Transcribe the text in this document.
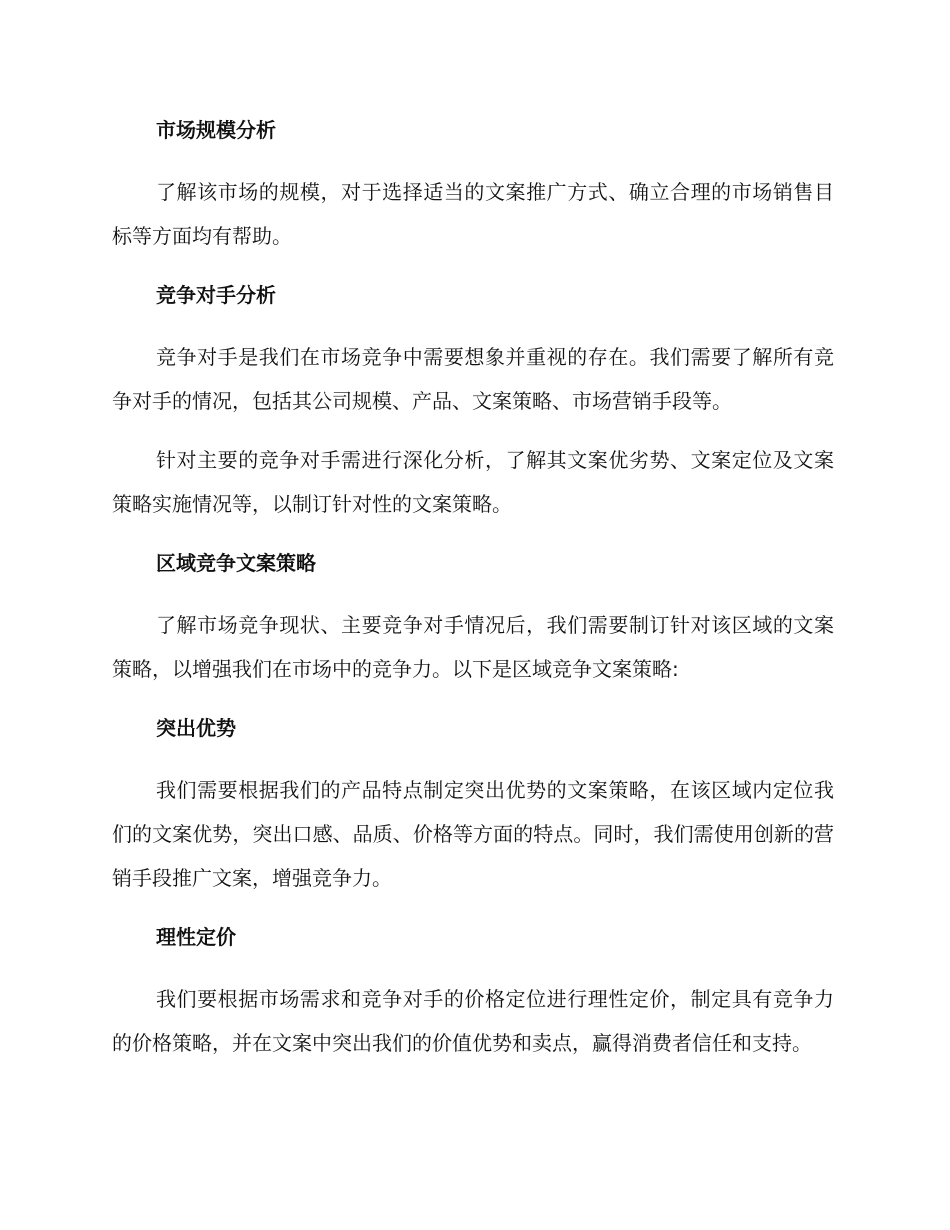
市场规模分析

了解该市场的规模，对于选择适当的文案推广方式、确立合理的市场销售目标等方面均有帮助。

竞争对手分析

竞争对手是我们在市场竞争中需要想象并重视的存在。我们需要了解所有竞争对手的情况，包括其公司规模、产品、文案策略、市场营销手段等。

针对主要的竞争对手需进行深化分析，了解其文案优劣势、文案定位及文案策略实施情况等，以制订针对性的文案策略。

区域竞争文案策略

了解市场竞争现状、主要竞争对手情况后，我们需要制订针对该区域的文案策略，以增强我们在市场中的竞争力。以下是区域竞争文案策略:

突出优势

我们需要根据我们的产品特点制定突出优势的文案策略，在该区域内定位我们的文案优势，突出口感、品质、价格等方面的特点。同时，我们需使用创新的营销手段推广文案，增强竞争力。

理性定价

我们要根据市场需求和竞争对手的价格定位进行理性定价，制定具有竞争力的价格策略，并在文案中突出我们的价值优势和卖点，赢得消费者信任和支持。
